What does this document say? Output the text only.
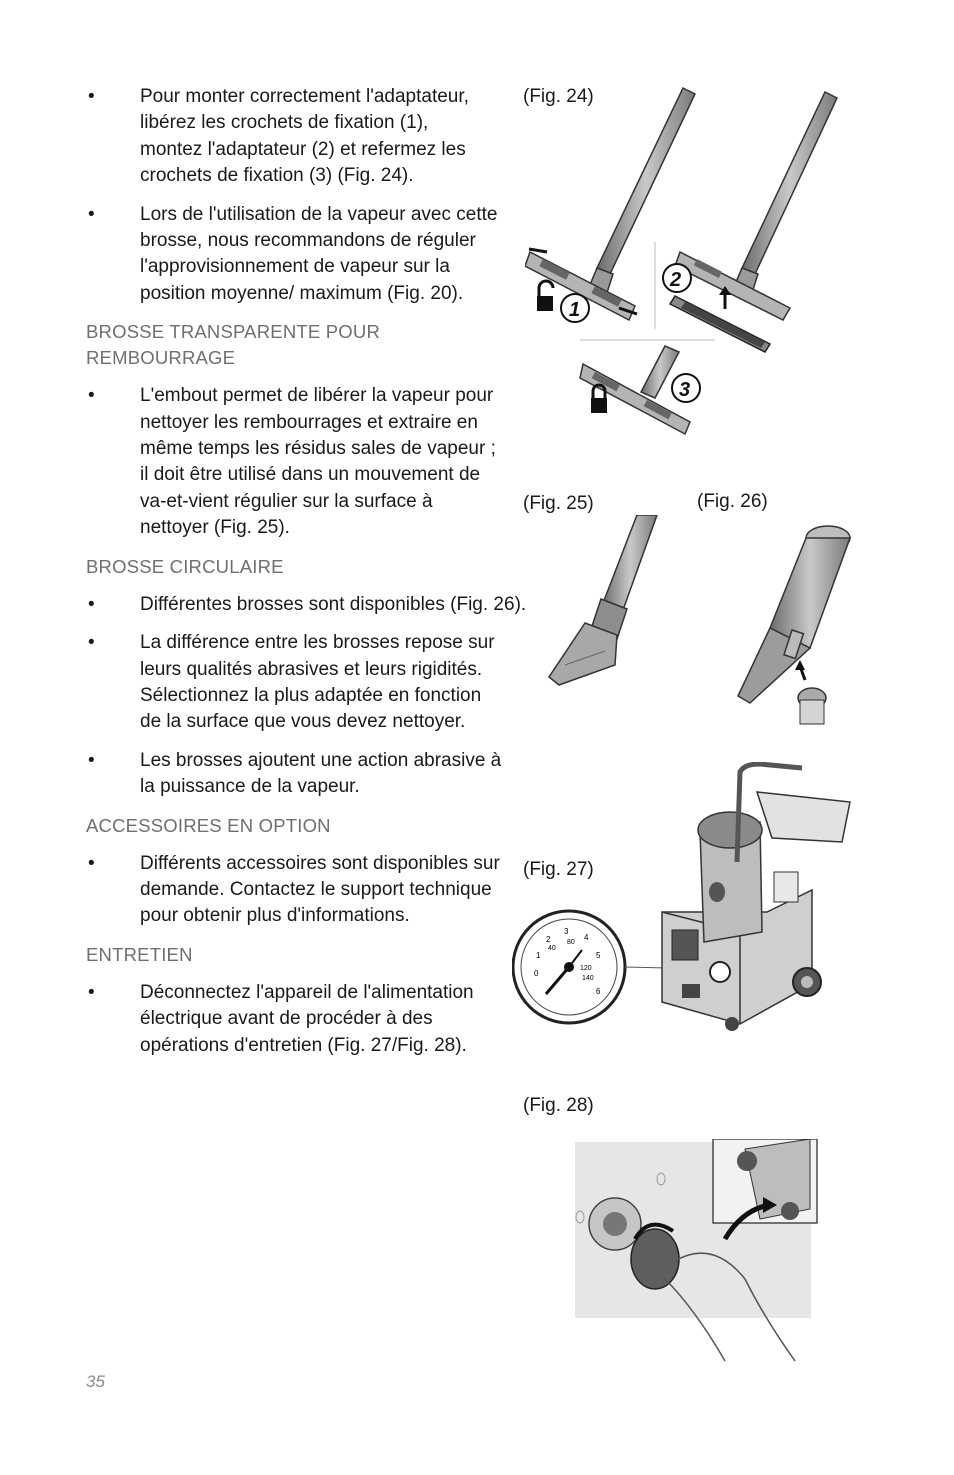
• Pour monter correctement l'adaptateur, libérez les crochets de fixation (1), montez l'adaptateur (2) et refermez les crochets de fixation (3) (Fig. 24).
• Lors de l'utilisation de la vapeur avec cette brosse, nous recommandons de réguler l'approvisionnement de vapeur sur la position moyenne/ maximum (Fig. 20).
BROSSE TRANSPARENTE POUR REMBOURRAGE
• L'embout permet de libérer la vapeur pour nettoyer les rembourrages et extraire en même temps les résidus sales de vapeur ; il doit être utilisé dans un mouvement de va-et-vient régulier sur la surface à nettoyer (Fig. 25).
BROSSE CIRCULAIRE
• Différentes brosses sont disponibles (Fig. 26).
• La différence entre les brosses repose sur leurs qualités abrasives et leurs rigidités. Sélectionnez la plus adaptée en fonction de la surface que vous devez nettoyer.
• Les brosses ajoutent une action abrasive à la puissance de la vapeur.
ACCESSOIRES EN OPTION
• Différents accessoires sont disponibles sur demande. Contactez le support technique pour obtenir plus d'informations.
ENTRETIEN
• Déconnectez l'appareil de l'alimentation électrique avant de procéder à des opérations d'entretien (Fig. 27/Fig. 28).
(Fig. 24)
(Fig. 25)	(Fig. 26)
(Fig. 27)
(Fig. 28)
1
2
3
0
1
2
3
4
5
6
40
80
120
140
35
